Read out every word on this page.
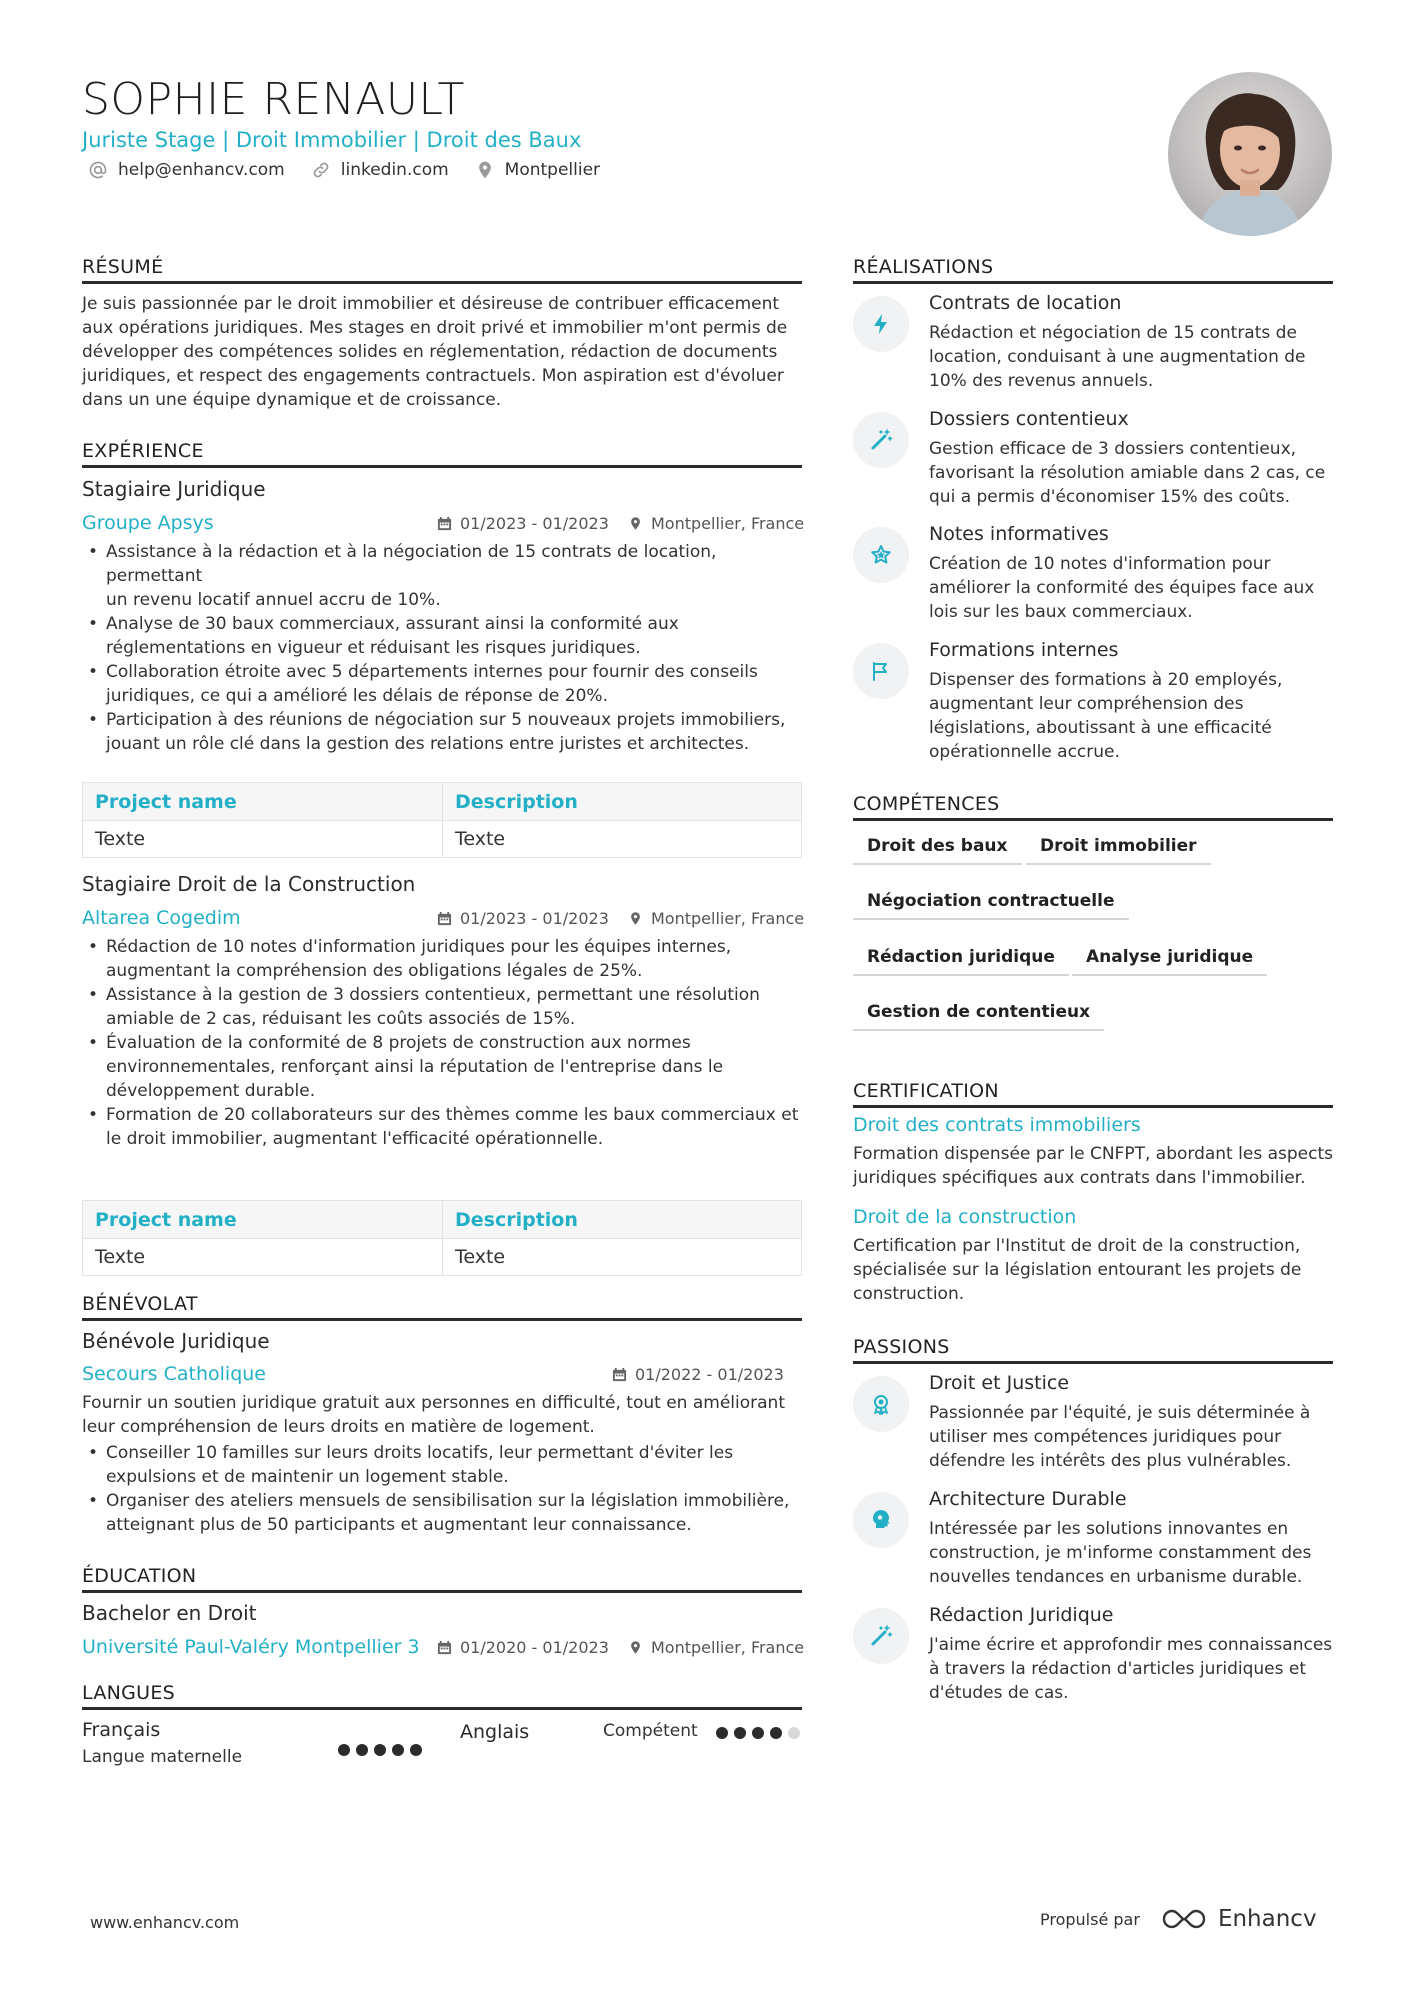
SOPHIE RENAULT
Juriste Stage | Droit Immobilier | Droit des Baux
help@enhancv.com	linkedin.com	Montpellier
RÉSUMÉ
Je suis passionnée par le droit immobilier et désireuse de contribuer efficacement
aux opérations juridiques. Mes stages en droit privé et immobilier m'ont permis de
développer des compétences solides en réglementation, rédaction de documents
juridiques, et respect des engagements contractuels. Mon aspiration est d'évoluer
dans un une équipe dynamique et de croissance.
EXPÉRIENCE
Stagiaire Juridique
Groupe Apsys	01/2023 - 01/2023	Montpellier, France
• Assistance à la rédaction et à la négociation de 15 contrats de location, permettant
un revenu locatif annuel accru de 10%.
• Analyse de 30 baux commerciaux, assurant ainsi la conformité aux
réglementations en vigueur et réduisant les risques juridiques.
• Collaboration étroite avec 5 départements internes pour fournir des conseils
juridiques, ce qui a amélioré les délais de réponse de 20%.
• Participation à des réunions de négociation sur 5 nouveaux projets immobiliers,
jouant un rôle clé dans la gestion des relations entre juristes et architectes.
Project name	Description
Texte	Texte
Stagiaire Droit de la Construction
Altarea Cogedim	01/2023 - 01/2023	Montpellier, France
• Rédaction de 10 notes d'information juridiques pour les équipes internes,
augmentant la compréhension des obligations légales de 25%.
• Assistance à la gestion de 3 dossiers contentieux, permettant une résolution
amiable de 2 cas, réduisant les coûts associés de 15%.
• Évaluation de la conformité de 8 projets de construction aux normes
environnementales, renforçant ainsi la réputation de l'entreprise dans le
développement durable.
• Formation de 20 collaborateurs sur des thèmes comme les baux commerciaux et
le droit immobilier, augmentant l'efficacité opérationnelle.
Project name	Description
Texte	Texte
BÉNÉVOLAT
Bénévole Juridique
Secours Catholique	01/2022 - 01/2023
Fournir un soutien juridique gratuit aux personnes en difficulté, tout en améliorant
leur compréhension de leurs droits en matière de logement.
• Conseiller 10 familles sur leurs droits locatifs, leur permettant d'éviter les
expulsions et de maintenir un logement stable.
• Organiser des ateliers mensuels de sensibilisation sur la législation immobilière,
atteignant plus de 50 participants et augmentant leur connaissance.
ÉDUCATION
Bachelor en Droit
Université Paul-Valéry Montpellier 3	01/2020 - 01/2023	Montpellier, France
LANGUES
Français
Langue maternelle
Anglais	Compétent
RÉALISATIONS
Contrats de location
Rédaction et négociation de 15 contrats de
location, conduisant à une augmentation de
10% des revenus annuels.
Dossiers contentieux
Gestion efficace de 3 dossiers contentieux,
favorisant la résolution amiable dans 2 cas, ce
qui a permis d'économiser 15% des coûts.
Notes informatives
Création de 10 notes d'information pour
améliorer la conformité des équipes face aux
lois sur les baux commerciaux.
Formations internes
Dispenser des formations à 20 employés,
augmentant leur compréhension des
législations, aboutissant à une efficacité
opérationnelle accrue.
COMPÉTENCES
Droit des baux	Droit immobilier
Négociation contractuelle
Rédaction juridique	Analyse juridique
Gestion de contentieux
CERTIFICATION
Droit des contrats immobiliers
Formation dispensée par le CNFPT, abordant les aspects
juridiques spécifiques aux contrats dans l'immobilier.
Droit de la construction
Certification par l'Institut de droit de la construction,
spécialisée sur la législation entourant les projets de
construction.
PASSIONS
Droit et Justice
Passionnée par l'équité, je suis déterminée à
utiliser mes compétences juridiques pour
défendre les intérêts des plus vulnérables.
Architecture Durable
Intéressée par les solutions innovantes en
construction, je m'informe constamment des
nouvelles tendances en urbanisme durable.
Rédaction Juridique
J'aime écrire et approfondir mes connaissances
à travers la rédaction d'articles juridiques et
d'études de cas.
www.enhancv.com	Propulsé par	Enhancv
